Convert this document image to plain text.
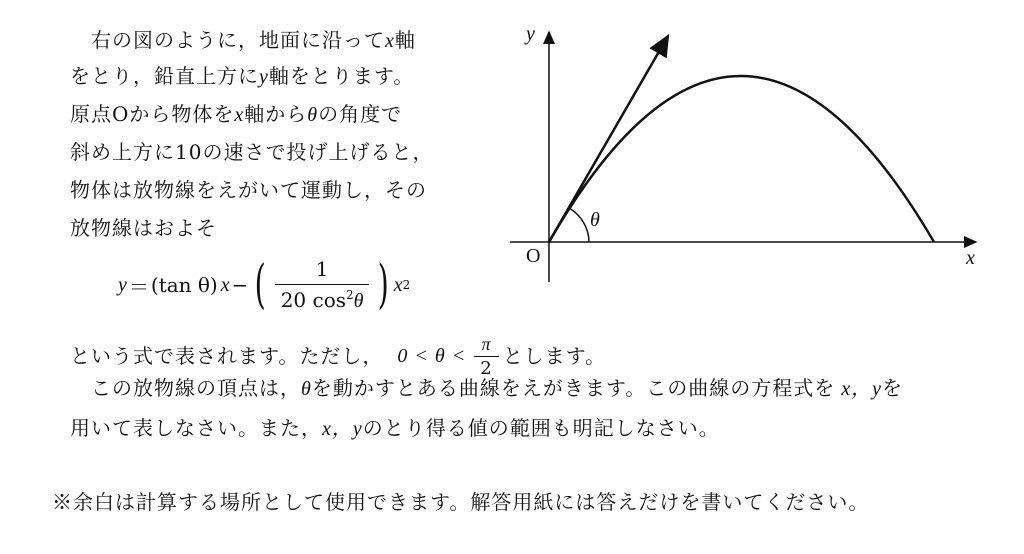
　右の図のように，地面に沿ってx軸
をとり，鉛直上方にy軸をとります。
原点Oから物体をx軸からθの角度で
斜め上方に10の速さで投げ上げると，
物体は放物線をえがいて運動し，その
放物線はおよそ
y ＝ (tan θ) x − ( $\frac{1}{20 \cos^2\theta}$ ) x 2
という式で表されます。ただし， $0 < \theta < \frac{\pi}{2}$ とします。
　この放物線の頂点は，θを動かすとある曲線をえがきます。この曲線の方程式を x，yを
用いて表しなさい。また，x，yのとり得る値の範囲も明記しなさい。
※余白は計算する場所として使用できます。解答用紙には答えだけを書いてください。
y
x
O
θ
